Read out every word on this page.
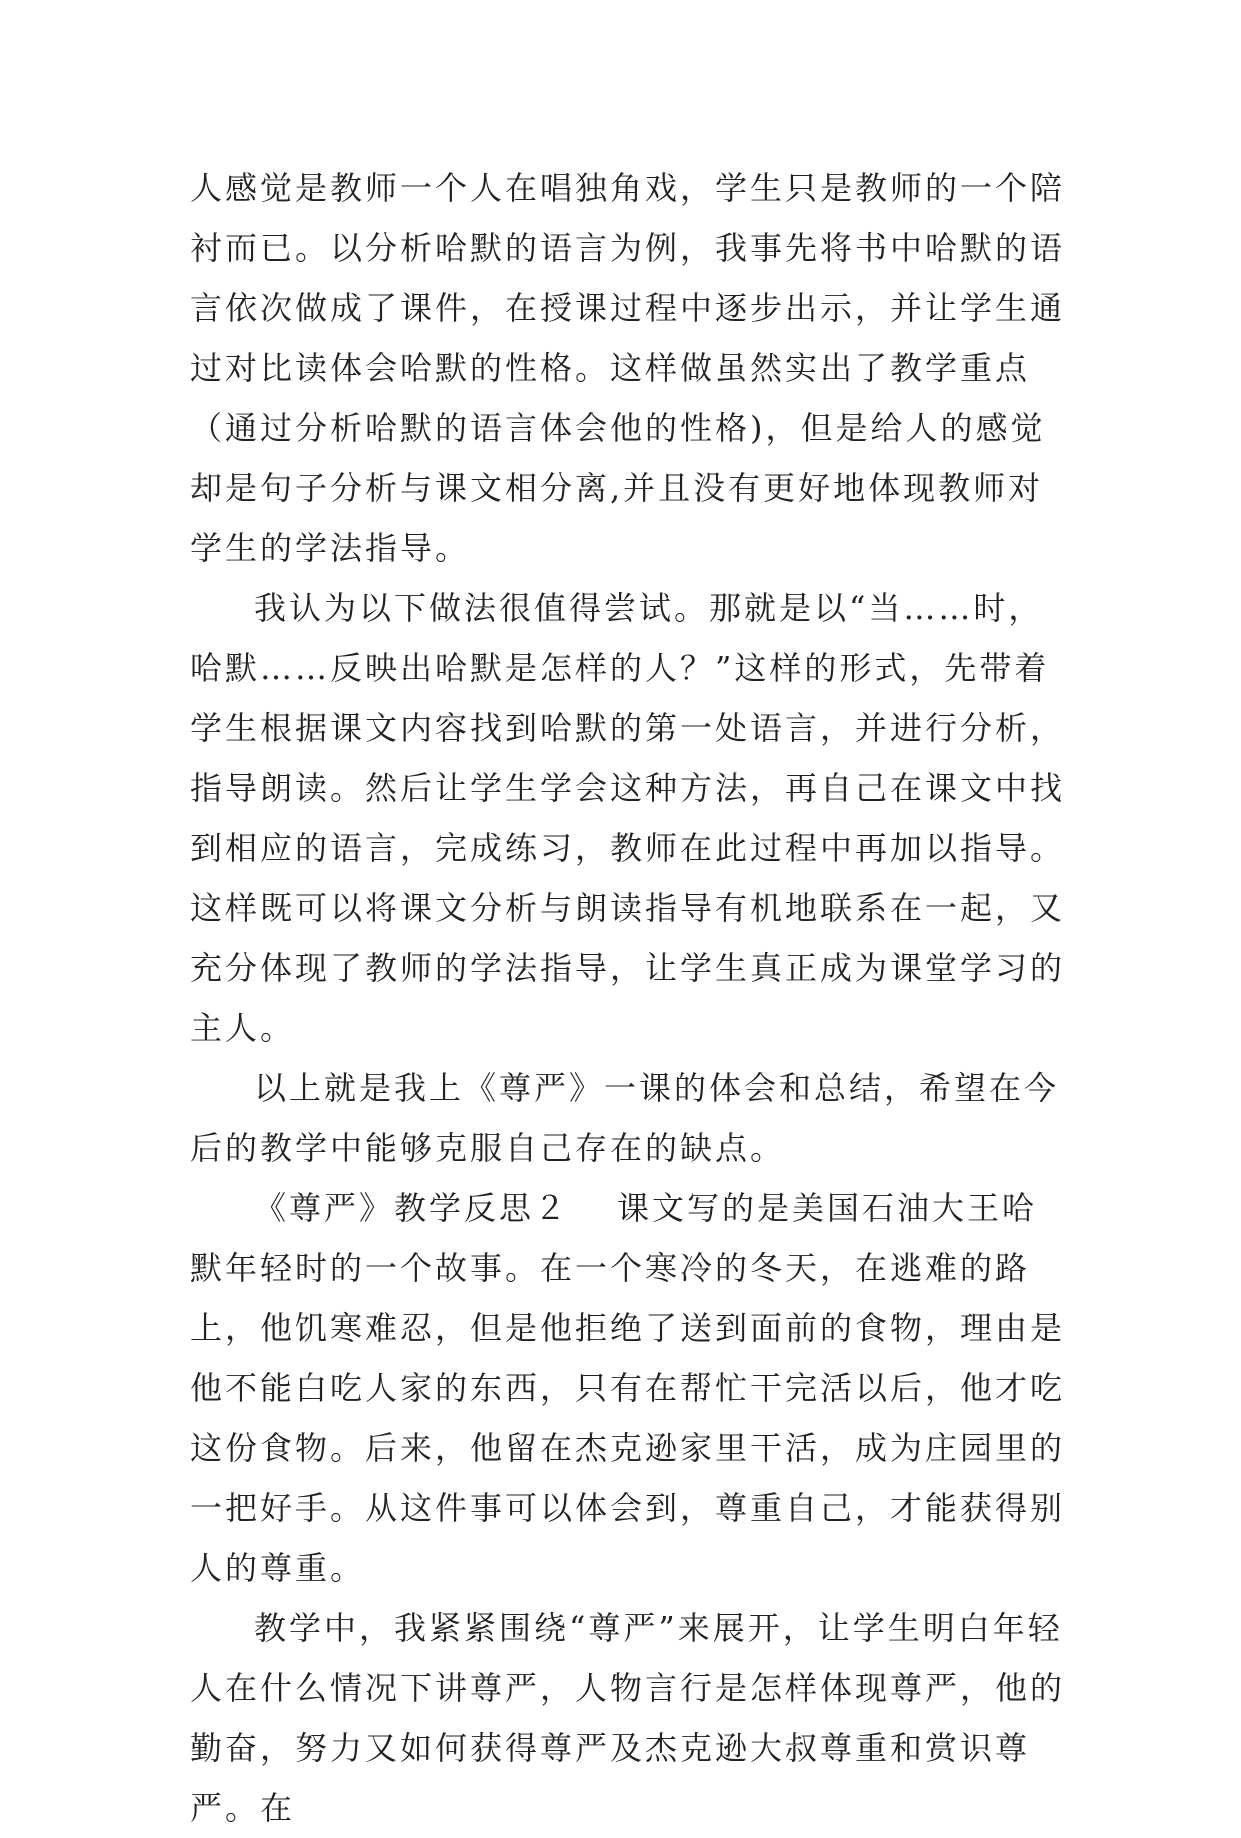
人感觉是教师一个人在唱独角戏，学生只是教师的一个陪衬而已。以分析哈默的语言为例，我事先将书中哈默的语言依次做成了课件，在授课过程中逐步出示，并让学生通过对比读体会哈默的性格。这样做虽然实出了教学重点（通过分析哈默的语言体会他的性格)，但是给人的感觉却是句子分析与课文相分离,并且没有更好地体现教师对学生的学法指导。

我认为以下做法很值得尝试。那就是以“当……时，哈默……反映出哈默是怎样的人？”这样的形式，先带着学生根据课文内容找到哈默的第一处语言，并进行分析，指导朗读。然后让学生学会这种方法，再自己在课文中找到相应的语言，完成练习，教师在此过程中再加以指导。这样既可以将课文分析与朗读指导有机地联系在一起，又充分体现了教师的学法指导，让学生真正成为课堂学习的主人。

以上就是我上《尊严》一课的体会和总结，希望在今后的教学中能够克服自己存在的缺点。

《尊严》教学反思２ 课文写的是美国石油大王哈默年轻时的一个故事。在一个寒冷的冬天，在逃难的路上，他饥寒难忍，但是他拒绝了送到面前的食物，理由是他不能白吃人家的东西，只有在帮忙干完活以后，他才吃这份食物。后来，他留在杰克逊家里干活，成为庄园里的一把好手。从这件事可以体会到，尊重自己，才能获得别人的尊重。

教学中，我紧紧围绕“尊严”来展开，让学生明白年轻人在什么情况下讲尊严，人物言行是怎样体现尊严，他的勤奋，努力又如何获得尊严及杰克逊大叔尊重和赏识尊严。在
